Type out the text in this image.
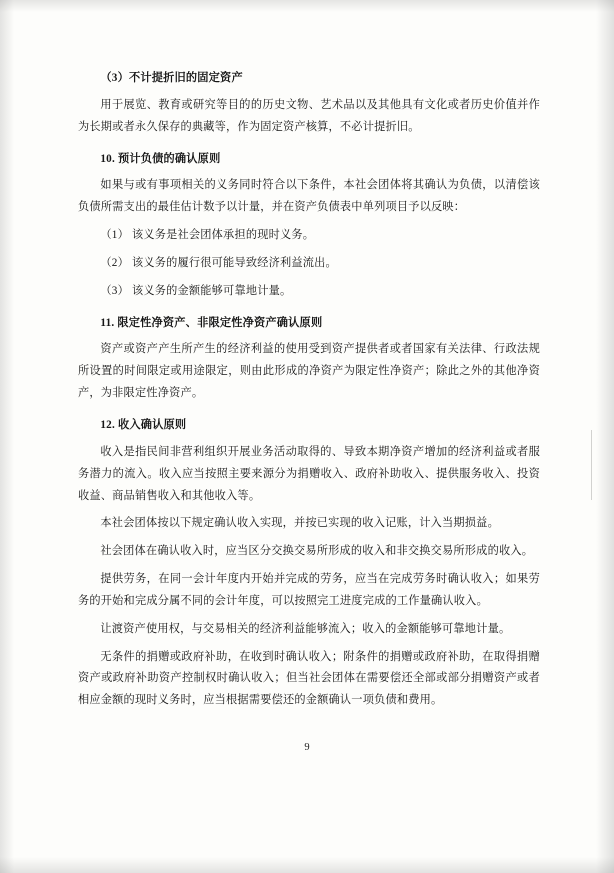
（3）不计提折旧的固定资产

用于展览、教育或研究等目的的历史文物、艺术品以及其他具有文化或者历史价值并作为长期或者永久保存的典藏等，作为固定资产核算，不必计提折旧。

10. 预计负债的确认原则

如果与或有事项相关的义务同时符合以下条件，本社会团体将其确认为负债，以清偿该负债所需支出的最佳估计数予以计量，并在资产负债表中单列项目予以反映：

（1） 该义务是社会团体承担的现时义务。

（2） 该义务的履行很可能导致经济利益流出。

（3） 该义务的金额能够可靠地计量。

11. 限定性净资产、非限定性净资产确认原则

资产或资产产生所产生的经济利益的使用受到资产提供者或者国家有关法律、行政法规所设置的时间限定或用途限定，则由此形成的净资产为限定性净资产；除此之外的其他净资产，为非限定性净资产。

12. 收入确认原则

收入是指民间非营利组织开展业务活动取得的、导致本期净资产增加的经济利益或者服务潜力的流入。收入应当按照主要来源分为捐赠收入、政府补助收入、提供服务收入、投资收益、商品销售收入和其他收入等。

本社会团体按以下规定确认收入实现，并按已实现的收入记账，计入当期损益。

社会团体在确认收入时，应当区分交换交易所形成的收入和非交换交易所形成的收入。

提供劳务，在同一会计年度内开始并完成的劳务，应当在完成劳务时确认收入；如果劳务的开始和完成分属不同的会计年度，可以按照完工进度完成的工作量确认收入。

让渡资产使用权，与交易相关的经济利益能够流入；收入的金额能够可靠地计量。

无条件的捐赠或政府补助，在收到时确认收入；附条件的捐赠或政府补助，在取得捐赠资产或政府补助资产控制权时确认收入；但当社会团体在需要偿还全部或部分捐赠资产或者相应金额的现时义务时，应当根据需要偿还的金额确认一项负债和费用。

9
